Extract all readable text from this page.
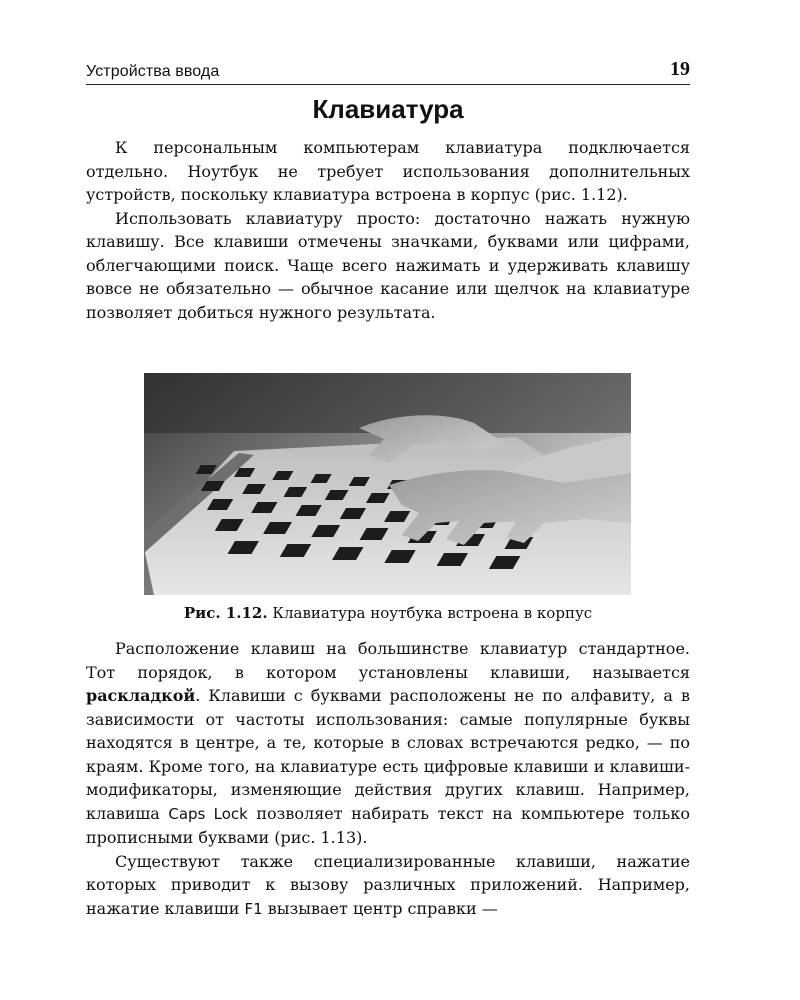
Устройства ввода	19
Клавиатура

К персональным компьютерам клавиатура подключается отдельно. Ноутбук не требует использования дополнительных устройств, поскольку клавиатура встроена в корпус (рис. 1.12).

Использовать клавиатуру просто: достаточно нажать нужную клавишу. Все клавиши отмечены значками, буквами или цифрами, облегчающими поиск. Чаще всего нажимать и удерживать клавишу вовсе не обязательно — обычное касание или щелчок на клавиатуре позволяет добиться нужного результата.

Рис. 1.12. Клавиатура ноутбука встроена в корпус

Расположение клавиш на большинстве клавиатур стандартное. Тот порядок, в котором установлены клавиши, называется раскладкой. Клавиши с буквами расположены не по алфавиту, а в зависимости от частоты использования: самые популярные буквы находятся в центре, а те, которые в словах встречаются редко, — по краям. Кроме того, на клавиатуре есть цифровые клавиши и клавиши-модификаторы, изменяющие действия других клавиш. Например, клавиша Caps Lock позволяет набирать текст на компьютере только прописными буквами (рис. 1.13).

Существуют также специализированные клавиши, нажатие которых приводит к вызову различных приложений. Например, нажатие клавиши F1 вызывает центр справки —
